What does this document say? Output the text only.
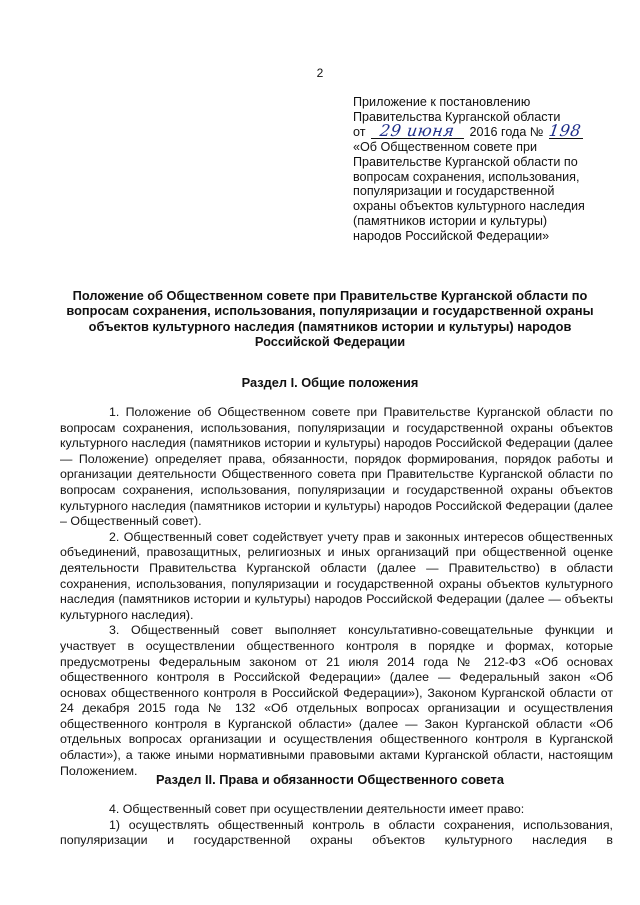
2
Приложение к постановлению
Правительства Курганской области
от 29 июня 2016 года № 198
«Об Общественном совете при
Правительстве Курганской области по
вопросам сохранения, использования,
популяризации и государственной
охраны объектов культурного наследия
(памятников истории и культуры)
народов Российской Федерации»
Положение об Общественном совете при Правительстве Курганской области по вопросам сохранения, использования, популяризации и государственной охраны объектов культурного наследия (памятников истории и культуры) народов Российской Федерации
Раздел I. Общие положения

1. Положение об Общественном совете при Правительстве Курганской области по вопросам сохранения, использования, популяризации и государственной охраны объектов культурного наследия (памятников истории и культуры) народов Российской Федерации (далее — Положение) определяет права, обязанности, порядок формирования, порядок работы и организации деятельности Общественного совета при Правительстве Курганской области по вопросам сохранения, использования, популяризации и государственной охраны объектов культурного наследия (памятников истории и культуры) народов Российской Федерации (далее – Общественный совет).

2. Общественный совет содействует учету прав и законных интересов общественных объединений, правозащитных, религиозных и иных организаций при общественной оценке деятельности Правительства Курганской области (далее — Правительство) в области сохранения, использования, популяризации и государственной охраны объектов культурного наследия (памятников истории и культуры) народов Российской Федерации (далее — объекты культурного наследия).

3. Общественный совет выполняет консультативно-совещательные функции и участвует в осуществлении общественного контроля в порядке и формах, которые предусмотрены Федеральным законом от 21 июля 2014 года № 212-ФЗ «Об основах общественного контроля в Российской Федерации» (далее — Федеральный закон «Об основах общественного контроля в Российской Федерации»), Законом Курганской области от 24 декабря 2015 года № 132 «Об отдельных вопросах организации и осуществления общественного контроля в Курганской области» (далее — Закон Курганской области «Об отдельных вопросах организации и осуществления общественного контроля в Курганской области»), а также иными нормативными правовыми актами Курганской области, настоящим Положением.

Раздел II. Права и обязанности Общественного совета

4. Общественный совет при осуществлении деятельности имеет право:

1) осуществлять общественный контроль в области сохранения, использования, популяризации и государственной охраны объектов культурного наследия в
